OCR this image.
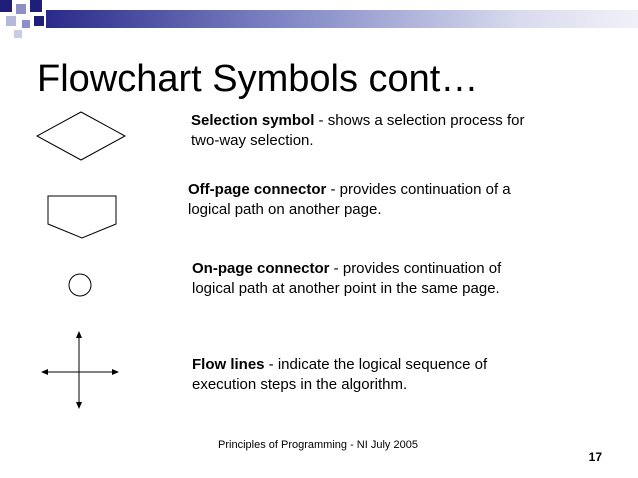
Flowchart Symbols cont…
Selection symbol - shows a selection process for two-way selection.
Off-page connector - provides continuation of a logical path on another page.
On-page connector - provides continuation of logical path at another point in the same page.
Flow lines - indicate the logical sequence of execution steps in the algorithm.
Principles of Programming - NI July 2005
17
